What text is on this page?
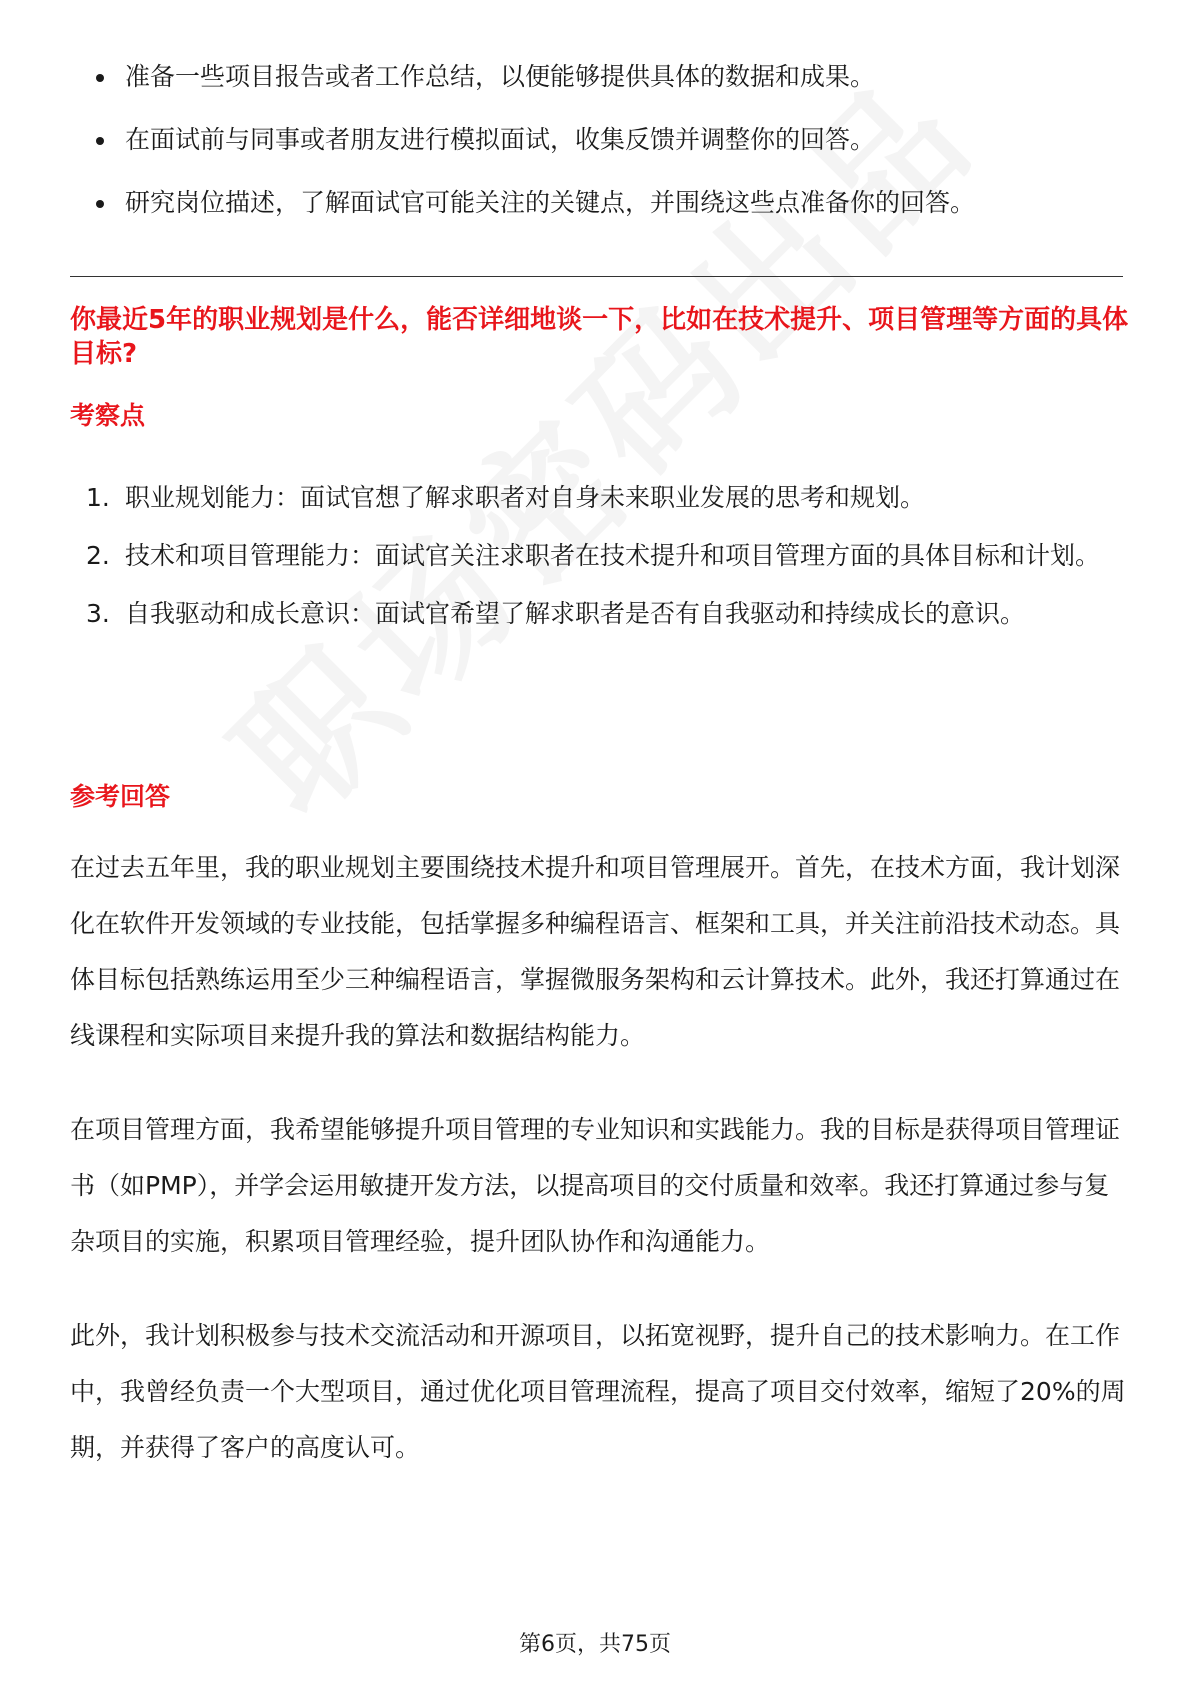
准备一些项目报告或者工作总结，以便能够提供具体的数据和成果。
在面试前与同事或者朋友进行模拟面试，收集反馈并调整你的回答。
研究岗位描述，了解面试官可能关注的关键点，并围绕这些点准备你的回答。
你最近5年的职业规划是什么，能否详细地谈一下，比如在技术提升、项目管理等方面的具体目标?
考察点
1. 职业规划能力：面试官想了解求职者对自身未来职业发展的思考和规划。
2. 技术和项目管理能力：面试官关注求职者在技术提升和项目管理方面的具体目标和计划。
3. 自我驱动和成长意识：面试官希望了解求职者是否有自我驱动和持续成长的意识。
参考回答

在过去五年里，我的职业规划主要围绕技术提升和项目管理展开。首先，在技术方面，我计划深化在软件开发领域的专业技能，包括掌握多种编程语言、框架和工具，并关注前沿技术动态。具体目标包括熟练运用至少三种编程语言，掌握微服务架构和云计算技术。此外，我还打算通过在线课程和实际项目来提升我的算法和数据结构能力。

在项目管理方面，我希望能够提升项目管理的专业知识和实践能力。我的目标是获得项目管理证书（如PMP），并学会运用敏捷开发方法，以提高项目的交付质量和效率。我还打算通过参与复杂项目的实施，积累项目管理经验，提升团队协作和沟通能力。

此外，我计划积极参与技术交流活动和开源项目，以拓宽视野，提升自己的技术影响力。在工作中，我曾经负责一个大型项目，通过优化项目管理流程，提高了项目交付效率，缩短了20%的周期，并获得了客户的高度认可。

第6页，共75页
